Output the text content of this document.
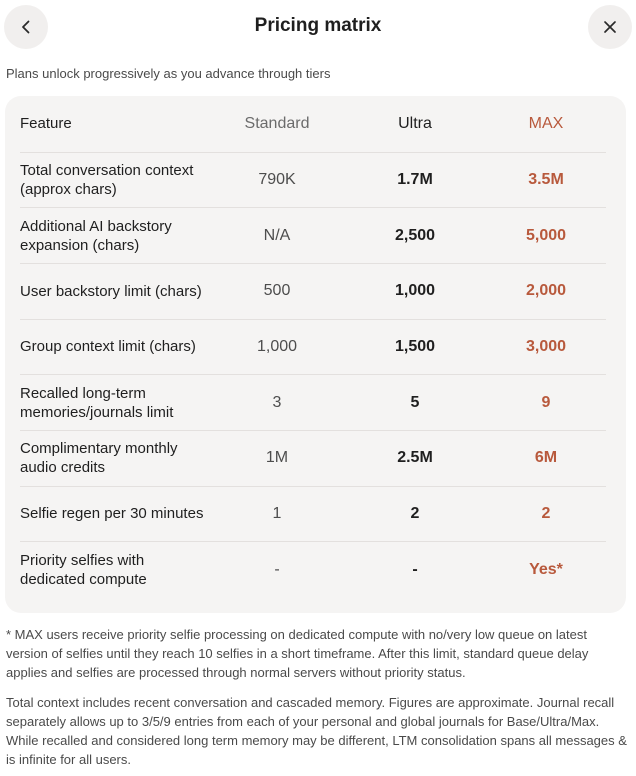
Pricing matrix
Plans unlock progressively as you advance through tiers
Feature	Standard	Ultra	MAX
Total conversation context (approx chars)	790K	1.7M	3.5M
Additional AI backstory expansion (chars)	N/A	2,500	5,000
User backstory limit (chars)	500	1,000	2,000
Group context limit (chars)	1,000	1,500	3,000
Recalled long-term memories/journals limit	3	5	9
Complimentary monthly audio credits	1M	2.5M	6M
Selfie regen per 30 minutes	1	2	2
Priority selfies with dedicated compute	-	-	Yes*
* MAX users receive priority selfie processing on dedicated compute with no/very low queue on latest version of selfies until they reach 10 selfies in a short timeframe. After this limit, standard queue delay applies and selfies are processed through normal servers without priority status.
Total context includes recent conversation and cascaded memory. Figures are approximate. Journal recall separately allows up to 3/5/9 entries from each of your personal and global journals for Base/Ultra/Max. While recalled and considered long term memory may be different, LTM consolidation spans all messages & is infinite for all users.
